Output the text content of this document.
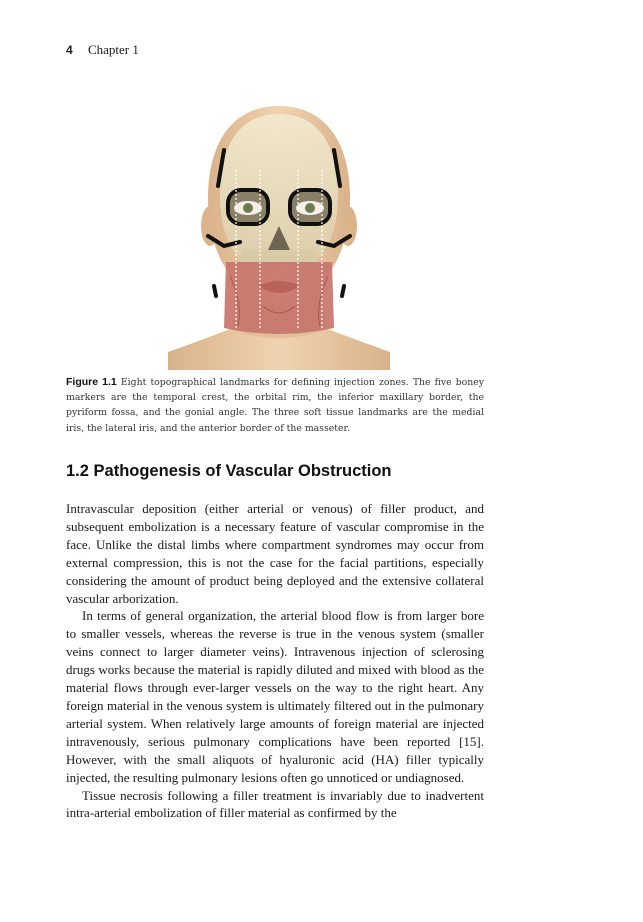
4 Chapter 1
Figure 1.1 Eight topographical landmarks for defining injection zones. The five boney markers are the temporal crest, the orbital rim, the inferior maxillary border, the pyriform fossa, and the gonial angle. The three soft tissue landmarks are the medial iris, the lateral iris, and the anterior border of the masseter.
1.2 Pathogenesis of Vascular Obstruction

Intravascular deposition (either arterial or venous) of filler product, and subsequent embolization is a necessary feature of vascular compromise in the face. Unlike the distal limbs where compartment syndromes may occur from external compression, this is not the case for the facial partitions, especially considering the amount of product being deployed and the extensive collateral vascular arborization.

In terms of general organization, the arterial blood flow is from larger bore to smaller vessels, whereas the reverse is true in the venous system (smaller veins connect to larger diameter veins). Intravenous injection of sclerosing drugs works because the material is rapidly diluted and mixed with blood as the material flows through ever-larger vessels on the way to the right heart. Any foreign material in the venous system is ultimately filtered out in the pulmonary arterial system. When relatively large amounts of foreign material are injected intravenously, serious pulmonary complications have been reported [15]. However, with the small aliquots of hyaluronic acid (HA) filler typically injected, the resulting pulmonary lesions often go unnoticed or undiagnosed.

Tissue necrosis following a filler treatment is invariably due to inadvertent intra-arterial embolization of filler material as confirmed by the
